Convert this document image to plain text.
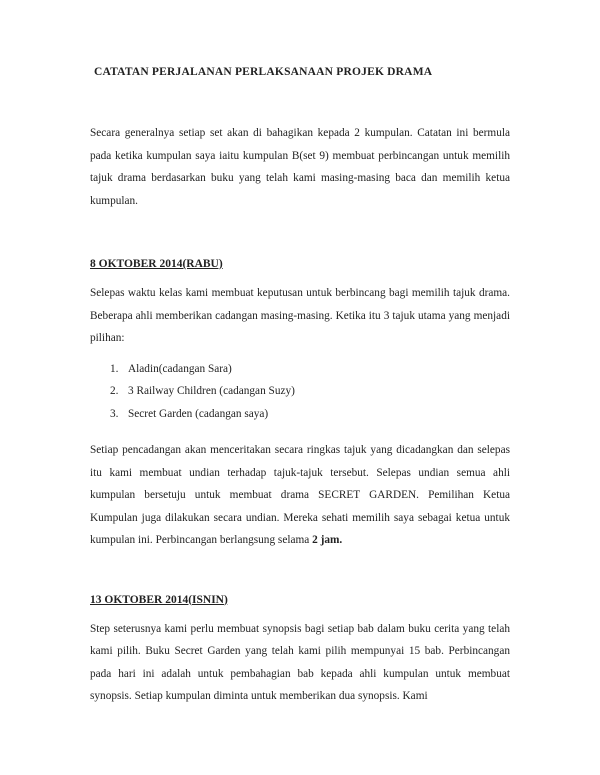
CATATAN PERJALANAN PERLAKSANAAN PROJEK DRAMA

Secara generalnya setiap set akan di bahagikan kepada 2 kumpulan. Catatan ini bermula pada ketika kumpulan saya iaitu kumpulan B(set 9) membuat perbincangan untuk memilih tajuk drama berdasarkan buku yang telah kami masing-masing baca dan memilih ketua kumpulan.

8 OKTOBER 2014(RABU)

Selepas waktu kelas kami membuat keputusan untuk berbincang bagi memilih tajuk drama. Beberapa ahli memberikan cadangan masing-masing. Ketika itu 3 tajuk utama yang menjadi pilihan:

1. Aladin(cadangan Sara)
2. 3 Railway Children (cadangan Suzy)
3. Secret Garden (cadangan saya)

Setiap pencadangan akan menceritakan secara ringkas tajuk yang dicadangkan dan selepas itu kami membuat undian terhadap tajuk-tajuk tersebut. Selepas undian semua ahli kumpulan bersetuju untuk membuat drama SECRET GARDEN. Pemilihan Ketua Kumpulan juga dilakukan secara undian. Mereka sehati memilih saya sebagai ketua untuk kumpulan ini. Perbincangan berlangsung selama 2 jam.

13 OKTOBER 2014(ISNIN)

Step seterusnya kami perlu membuat synopsis bagi setiap bab dalam buku cerita yang telah kami pilih. Buku Secret Garden yang telah kami pilih mempunyai 15 bab. Perbincangan pada hari ini adalah untuk pembahagian bab kepada ahli kumpulan untuk membuat synopsis. Setiap kumpulan diminta untuk memberikan dua synopsis. Kami
